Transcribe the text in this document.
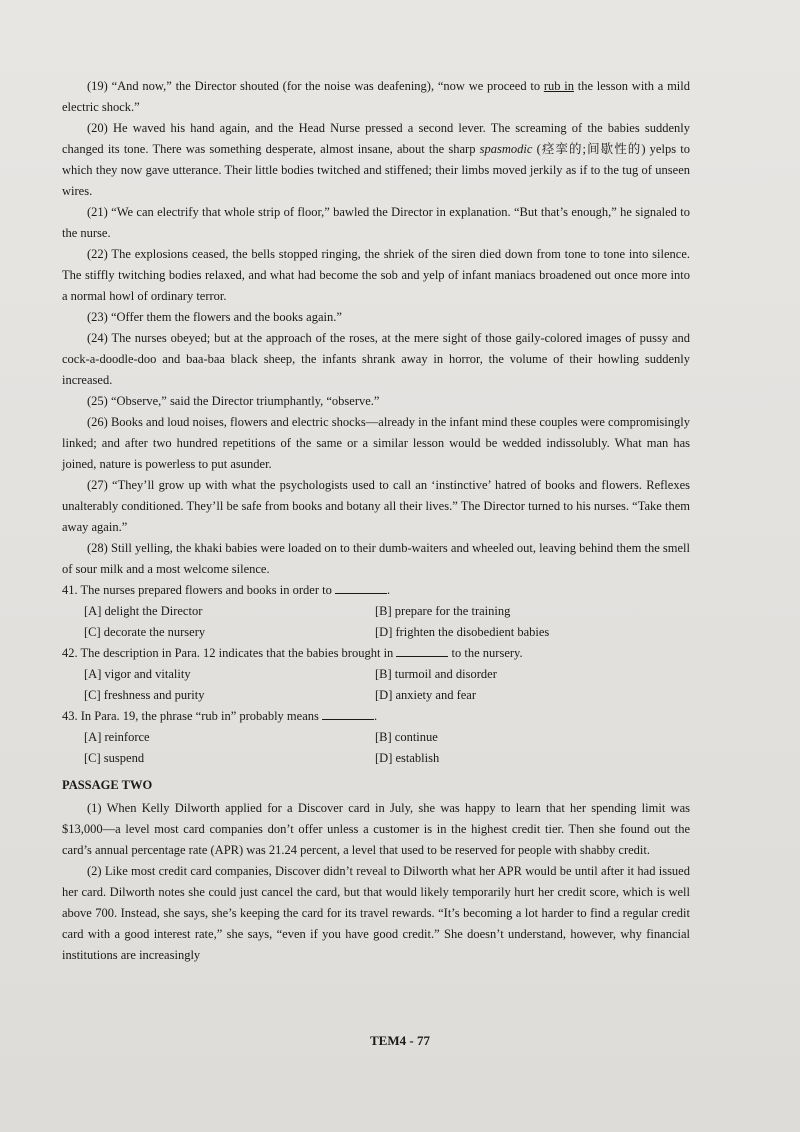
(19) “And now,” the Director shouted (for the noise was deafening), “now we proceed to rub in the lesson with a mild electric shock.”

(20) He waved his hand again, and the Head Nurse pressed a second lever. The screaming of the babies suddenly changed its tone. There was something desperate, almost insane, about the sharp spasmodic (痉挛的;间歇性的) yelps to which they now gave utterance. Their little bodies twitched and stiffened; their limbs moved jerkily as if to the tug of unseen wires.

(21) “We can electrify that whole strip of floor,” bawled the Director in explanation. “But that’s enough,” he signaled to the nurse.

(22) The explosions ceased, the bells stopped ringing, the shriek of the siren died down from tone to tone into silence. The stiffly twitching bodies relaxed, and what had become the sob and yelp of infant maniacs broadened out once more into a normal howl of ordinary terror.

(23) “Offer them the flowers and the books again.”

(24) The nurses obeyed; but at the approach of the roses, at the mere sight of those gaily-colored images of pussy and cock-a-doodle-doo and baa-baa black sheep, the infants shrank away in horror, the volume of their howling suddenly increased.

(25) “Observe,” said the Director triumphantly, “observe.”

(26) Books and loud noises, flowers and electric shocks—already in the infant mind these couples were compromisingly linked; and after two hundred repetitions of the same or a similar lesson would be wedded indissolubly. What man has joined, nature is powerless to put asunder.

(27) “They’ll grow up with what the psychologists used to call an ‘instinctive’ hatred of books and flowers. Reflexes unalterably conditioned. They’ll be safe from books and botany all their lives.” The Director turned to his nurses. “Take them away again.”

(28) Still yelling, the khaki babies were loaded on to their dumb-waiters and wheeled out, leaving behind them the smell of sour milk and a most welcome silence.

41. The nurses prepared flowers and books in order to	.

[A] delight the Director	[B] prepare for the training
[C] decorate the nursery	[D] frighten the disobedient babies

42. The description in Para. 12 indicates that the babies brought in	to the nursery.

[A] vigor and vitality	[B] turmoil and disorder
[C] freshness and purity	[D] anxiety and fear

43. In Para. 19, the phrase “rub in” probably means	.

[A] reinforce	[B] continue
[C] suspend	[D] establish

PASSAGE TWO

(1) When Kelly Dilworth applied for a Discover card in July, she was happy to learn that her spending limit was $13,000—a level most card companies don’t offer unless a customer is in the highest credit tier. Then she found out the card’s annual percentage rate (APR) was 21.24 percent, a level that used to be reserved for people with shabby credit.

(2) Like most credit card companies, Discover didn’t reveal to Dilworth what her APR would be until after it had issued her card. Dilworth notes she could just cancel the card, but that would likely temporarily hurt her credit score, which is well above 700. Instead, she says, she’s keeping the card for its travel rewards. “It’s becoming a lot harder to find a regular credit card with a good interest rate,” she says, “even if you have good credit.” She doesn’t understand, however, why financial institutions are increasingly

TEM4 - 77
